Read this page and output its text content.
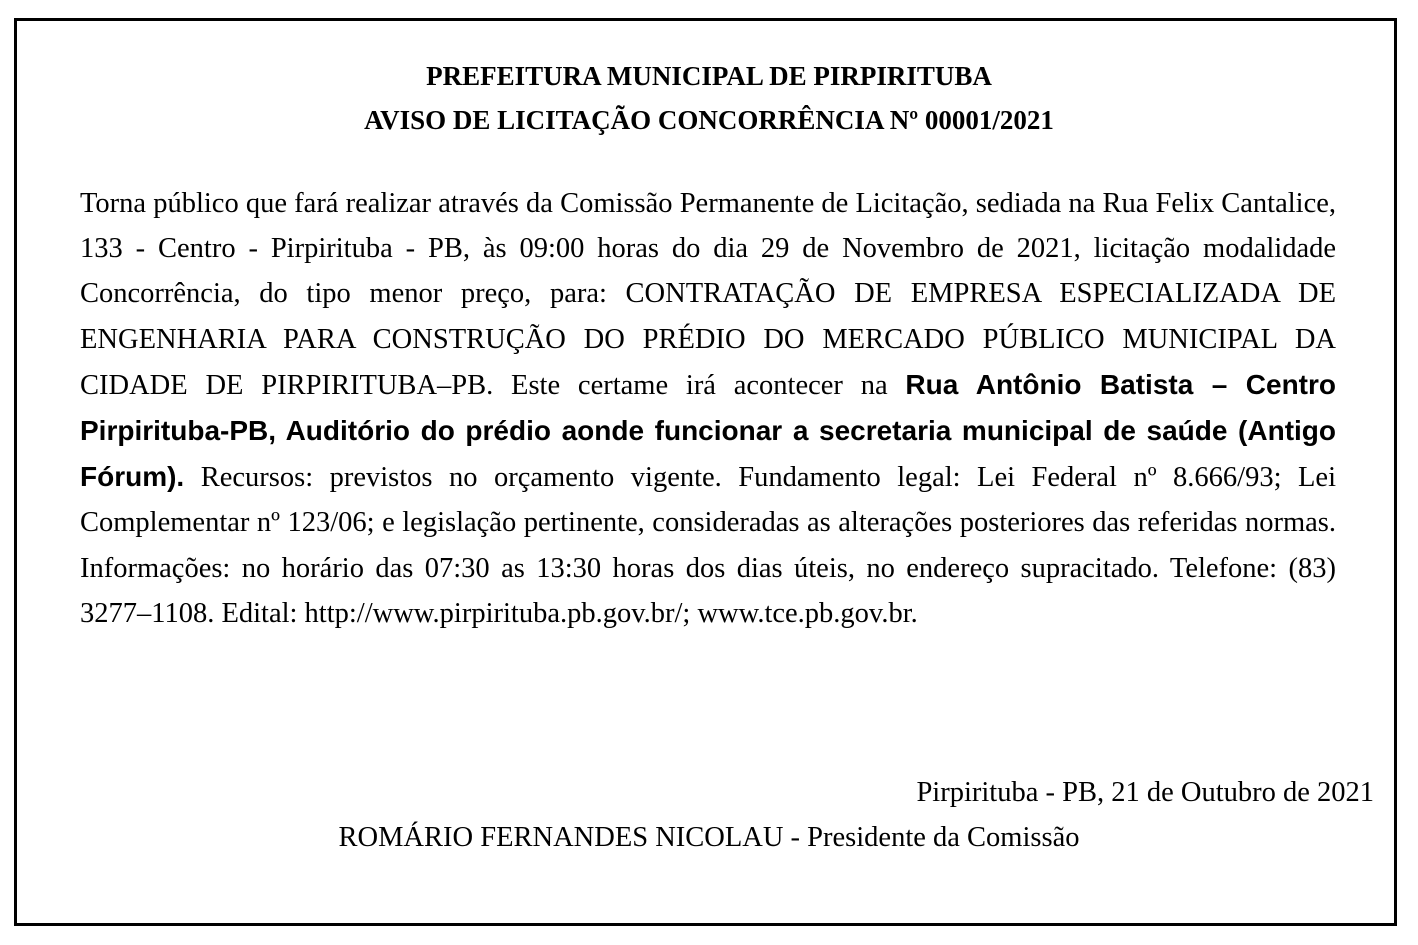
PREFEITURA MUNICIPAL DE PIRPIRITUBA
AVISO DE LICITAÇÃO CONCORRÊNCIA Nº 00001/2021
Torna público que fará realizar através da Comissão Permanente de Licitação, sediada na Rua Felix Cantalice, 133 - Centro - Pirpirituba - PB, às 09:00 horas do dia 29 de Novembro de 2021, licitação modalidade Concorrência, do tipo menor preço, para: CONTRATAÇÃO DE EMPRESA ESPECIALIZADA DE ENGENHARIA PARA CONSTRUÇÃO DO PRÉDIO DO MERCADO PÚBLICO MUNICIPAL DA CIDADE DE PIRPIRITUBA–PB. Este certame irá acontecer na Rua Antônio Batista – Centro Pirpirituba-PB, Auditório do prédio aonde funcionar a secretaria municipal de saúde (Antigo Fórum). Recursos: previstos no orçamento vigente. Fundamento legal: Lei Federal nº 8.666/93; Lei Complementar nº 123/06; e legislação pertinente, consideradas as alterações posteriores das referidas normas. Informações: no horário das 07:30 as 13:30 horas dos dias úteis, no endereço supracitado. Telefone: (83) 3277–1108. Edital: http://www.pirpirituba.pb.gov.br/; www.tce.pb.gov.br.
Pirpirituba - PB, 21 de Outubro de 2021
ROMÁRIO FERNANDES NICOLAU - Presidente da Comissão
